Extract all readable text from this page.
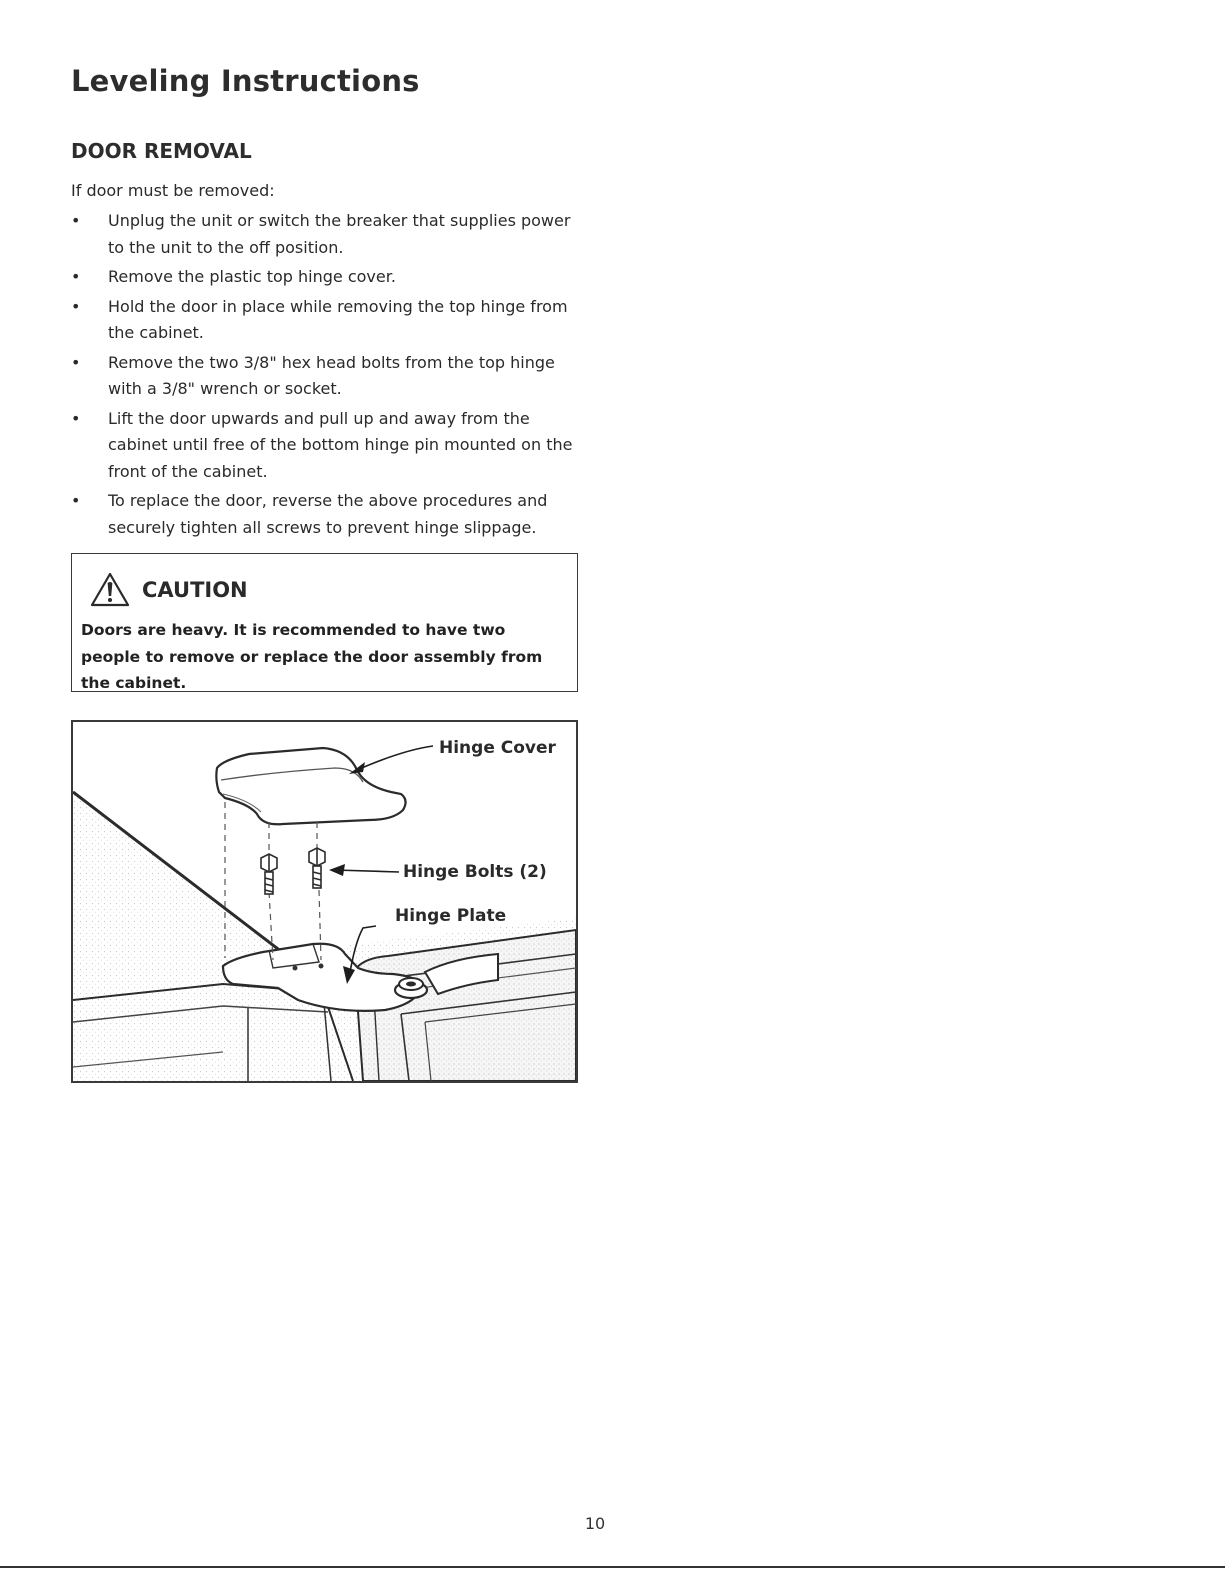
Leveling Instructions
DOOR REMOVAL
If door must be removed:
• Unplug the unit or switch the breaker that supplies power to the unit to the off position.
• Remove the plastic top hinge cover.
• Hold the door in place while removing the top hinge from the cabinet.
• Remove the two 3/8" hex head bolts from the top hinge with a 3/8" wrench or socket.
• Lift the door upwards and pull up and away from the cabinet until free of the bottom hinge pin mounted on the front of the cabinet.
• To replace the door, reverse the above procedures and securely tighten all screws to prevent hinge slippage.
CAUTION
Doors are heavy. It is recommended to have two people to remove or replace the door assembly from the cabinet.
Hinge Cover
Hinge Bolts (2)
Hinge Plate
10
